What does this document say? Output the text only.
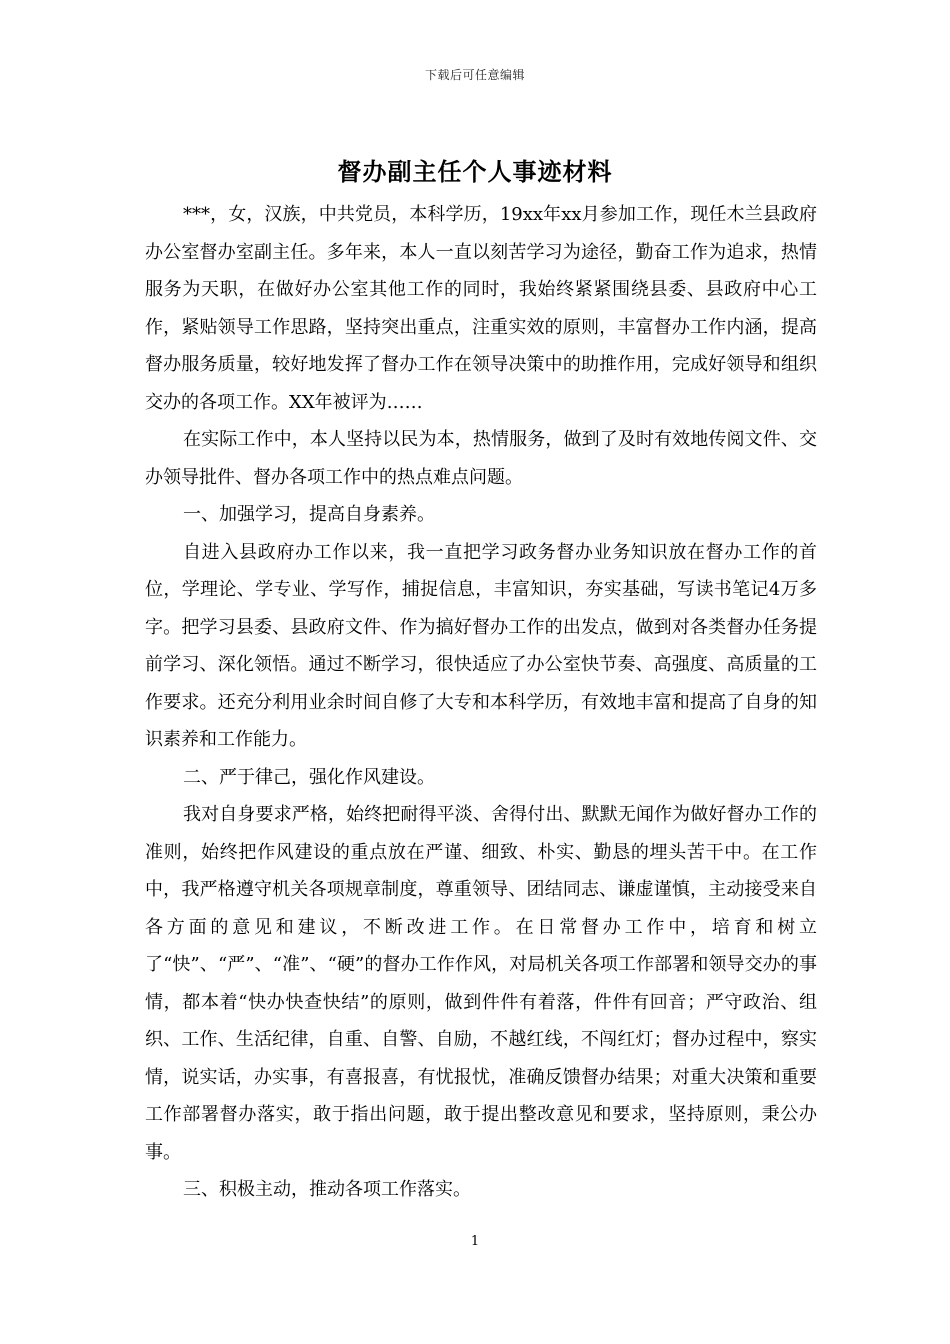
下载后可任意编辑
督办副主任个人事迹材料

***，女，汉族，中共党员，本科学历，19xx年xx月参加工作，现任木兰县政府办公室督办室副主任。多年来，本人一直以刻苦学习为途径，勤奋工作为追求，热情服务为天职，在做好办公室其他工作的同时，我始终紧紧围绕县委、县政府中心工作，紧贴领导工作思路，坚持突出重点，注重实效的原则，丰富督办工作内涵，提高督办服务质量，较好地发挥了督办工作在领导决策中的助推作用，完成好领导和组织交办的各项工作。XX年被评为……

在实际工作中，本人坚持以民为本，热情服务，做到了及时有效地传阅文件、交办领导批件、督办各项工作中的热点难点问题。

一、加强学习，提高自身素养。

自进入县政府办工作以来，我一直把学习政务督办业务知识放在督办工作的首位，学理论、学专业、学写作，捕捉信息，丰富知识，夯实基础，写读书笔记4万多字。把学习县委、县政府文件、作为搞好督办工作的出发点，做到对各类督办任务提前学习、深化领悟。通过不断学习，很快适应了办公室快节奏、高强度、高质量的工作要求。还充分利用业余时间自修了大专和本科学历，有效地丰富和提高了自身的知识素养和工作能力。

二、严于律己，强化作风建设。

我对自身要求严格，始终把耐得平淡、舍得付出、默默无闻作为做好督办工作的准则，始终把作风建设的重点放在严谨、细致、朴实、勤恳的埋头苦干中。在工作中，我严格遵守机关各项规章制度，尊重领导、团结同志、谦虚谨慎，主动接受来自各方面的意见和建议，不断改进工作。在日常督办工作中，培育和树立了“快”、“严”、“准”、“硬”的督办工作作风，对局机关各项工作部署和领导交办的事情，都本着“快办快查快结”的原则，做到件件有着落，件件有回音；严守政治、组织、工作、生活纪律，自重、自警、自励，不越红线，不闯红灯；督办过程中，察实情，说实话，办实事，有喜报喜，有忧报忧，准确反馈督办结果；对重大决策和重要工作部署督办落实，敢于指出问题，敢于提出整改意见和要求，坚持原则，秉公办事。

三、积极主动，推动各项工作落实。

1
